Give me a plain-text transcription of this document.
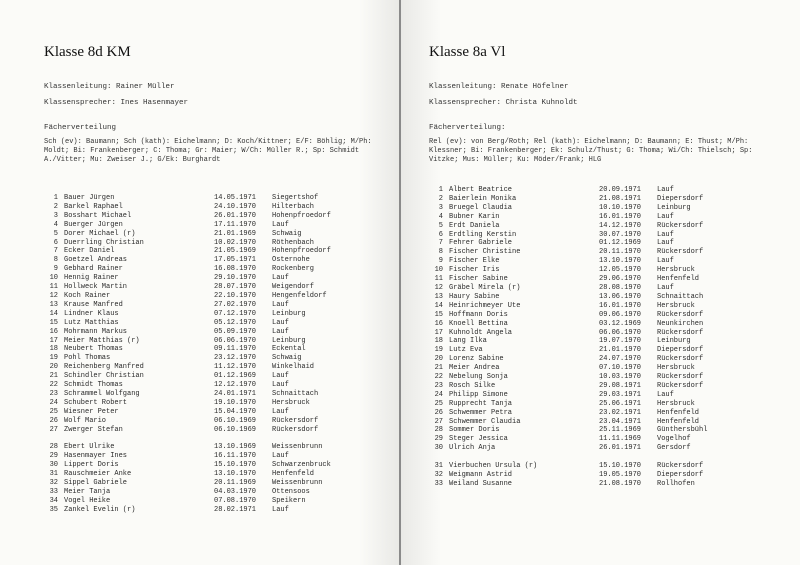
Klasse 8d KM
Klassenleitung: Rainer Müller
Klassensprecher: Ines Hasenmayer
Fächerverteilung
Sch (ev): Baumann; Sch (kath): Eichelmann; D: Koch/Kittner; E/F: Böhlig; M/Ph: Moldt; Bi: Frankenberger; C: Thoma; Gr: Maier; W/Ch: Müller R.; Sp: Schmidt A./Vitter; Mu: Zweiser J.; G/Ek: Burghardt
1	Bauer Jürgen	14.05.1971	Siegertshof
2	Barkel Raphael	24.10.1970	Hilterbach
3	Bosshart Michael	26.01.1970	Hohenpfroedorf
4	Buerger Jürgen	17.11.1970	Lauf
5	Dorer Michael (r)	21.01.1969	Schwaig
6	Duerrling Christian	10.02.1970	Röthenbach
7	Ecker Daniel	21.05.1969	Hohenpfroedorf
8	Goetzel Andreas	17.05.1971	Osternohe
9	Gebhard Rainer	16.08.1970	Rockenberg
10	Hennig Rainer	29.10.1970	Lauf
11	Hollweck Martin	28.07.1970	Weigendorf
12	Koch Rainer	22.10.1970	Hengenfeldorf
13	Krause Manfred	27.02.1970	Lauf
14	Lindner Klaus	07.12.1970	Leinburg
15	Lutz Matthias	05.12.1970	Lauf
16	Mohrmann Markus	05.09.1970	Lauf
17	Meier Matthias (r)	06.06.1970	Leinburg
18	Neubert Thomas	09.11.1970	Eckental
19	Pohl Thomas	23.12.1970	Schwaig
20	Reichenberg Manfred	11.12.1970	Winkelhaid
21	Schindler Christian	01.12.1969	Lauf
22	Schmidt Thomas	12.12.1970	Lauf
23	Schrammel Wolfgang	24.01.1971	Schnaittach
24	Schubert Robert	19.10.1970	Hersbruck
25	Wiesner Peter	15.04.1970	Lauf
26	Wolf Mario	06.10.1969	Rückersdorf
27	Zwerger Stefan	06.10.1969	Rückersdorf

28	Ebert Ulrike	13.10.1969	Weissenbrunn
29	Hasenmayer Ines	16.11.1970	Lauf
30	Lippert Doris	15.10.1970	Schwarzenbruck
31	Rauschmeier Anke	13.10.1970	Henfenfeld
32	Sippel Gabriele	20.11.1969	Weissenbrunn
33	Meier Tanja	04.03.1970	Ottensoos
34	Vogel Heike	07.08.1970	Speikern
35	Zankel Evelin (r)	28.02.1971	Lauf
Klasse 8a Vl
Klassenleitung: Renate Höfelner
Klassensprecher: Christa Kuhnoldt
Fächerverteilung:
Rel (ev): von Berg/Roth; Rel (kath): Eichelmann; D: Baumann; E: Thust; M/Ph: Klessner; Bi: Frankenberger; Ek: Schulz/Thust; G: Thoma; Wi/Ch: Thielsch; Sp: Vitzke; Mus: Müller; Ku: Möder/Frank; HLG
1	Albert Beatrice	20.09.1971	Lauf
2	Baierlein Monika	21.08.1971	Diepersdorf
3	Bruegel Claudia	10.10.1970	Leinburg
4	Bubner Karin	16.01.1970	Lauf
5	Erdt Daniela	14.12.1970	Rückersdorf
6	Erdtling Kerstin	30.07.1970	Lauf
7	Fehrer Gabriele	01.12.1969	Lauf
8	Fischer Christine	20.11.1970	Rückersdorf
9	Fischer Elke	13.10.1970	Lauf
10	Fischer Iris	12.05.1970	Hersbruck
11	Fischer Sabine	29.06.1970	Henfenfeld
12	Gräbel Mirela (r)	28.08.1970	Lauf
13	Haury Sabine	13.06.1970	Schnaittach
14	Heinrichmeyer Ute	16.01.1970	Hersbruck
15	Hoffmann Doris	09.06.1970	Rückersdorf
16	Knoell Bettina	03.12.1969	Neunkirchen
17	Kuhnoldt Angela	06.06.1970	Rückersdorf
18	Lang Ilka	19.07.1970	Leinburg
19	Lutz Eva	21.01.1970	Diepersdorf
20	Lorenz Sabine	24.07.1970	Rückersdorf
21	Meier Andrea	07.10.1970	Hersbruck
22	Nebelung Sonja	10.03.1970	Rückersdorf
23	Rosch Silke	29.08.1971	Rückersdorf
24	Philipp Simone	29.03.1971	Lauf
25	Rupprecht Tanja	25.06.1971	Hersbruck
26	Schwemmer Petra	23.02.1971	Henfenfeld
27	Schwemmer Claudia	23.04.1971	Henfenfeld
28	Sommer Doris	25.11.1969	Günthersbühl
29	Steger Jessica	11.11.1969	Vogelhof
30	Ulrich Anja	26.01.1971	Gersdorf

31	Vierbuchen Ursula (r)	15.10.1970	Rückersdorf
32	Weigmann Astrid	19.05.1970	Diepersdorf
33	Weiland Susanne	21.08.1970	Rollhofen
